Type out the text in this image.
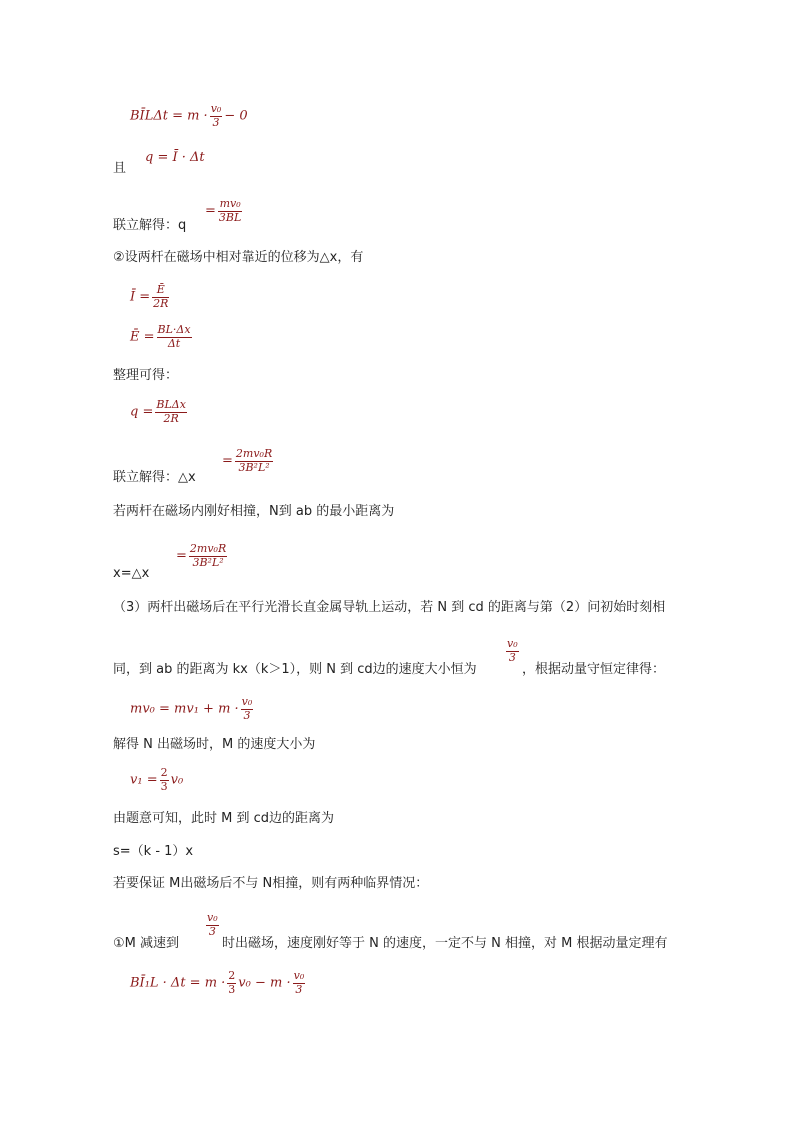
BĪLΔt = $m \cdot \frac{\text{v₀}}{3} - 0$
且
q = Ī · Δt
联立解得：q
= $\frac{\text{mv₀}}{3BL}$
②设两杆在磁场中相对靠近的位移为△x，有
Ī = $\frac{Ē}{2R}$
Ē = $\frac{BL\cdot\Delta x}{\Delta t}$
整理可得：
$q = \frac{\text{BLΔx}}{2R}$
联立解得：△x
= $\frac{\text{2mv₀R}}{\text{3B²L²}}$
若两杆在磁场内刚好相撞，N到 ab 的最小距离为
x=△x
= $\frac{\text{2mv₀R}}{\text{3B²L²}}$
（3）两杆出磁场后在平行光滑长直金属导轨上运动，若 N 到 cd 的距离与第（2）问初始时刻相
同，到 ab 的距离为 kx（k＞1），则 N 到 cd边的速度大小恒为
$\frac{\text{v₀}}{3}$
，根据动量守恒定律得：
$mv_0 = mv_1 + m \cdot \frac{\text{v₀}}{3}$
解得 N 出磁场时，M 的速度大小为
$v_1 = \frac{2}{3} v_0$
由题意可知，此时 M 到 cd边的距离为
s=（k - 1）x
若要保证 M出磁场后不与 N相撞，则有两种临界情况：
①M 减速到
$\frac{\text{v₀}}{3}$
时出磁场，速度刚好等于 N 的速度，一定不与 N 相撞，对 M 根据动量定理有
BĪ₁L · $\Delta t = m \cdot \frac{2}{3} v_0 - m \cdot \frac{\text{v₀}}{3}$
